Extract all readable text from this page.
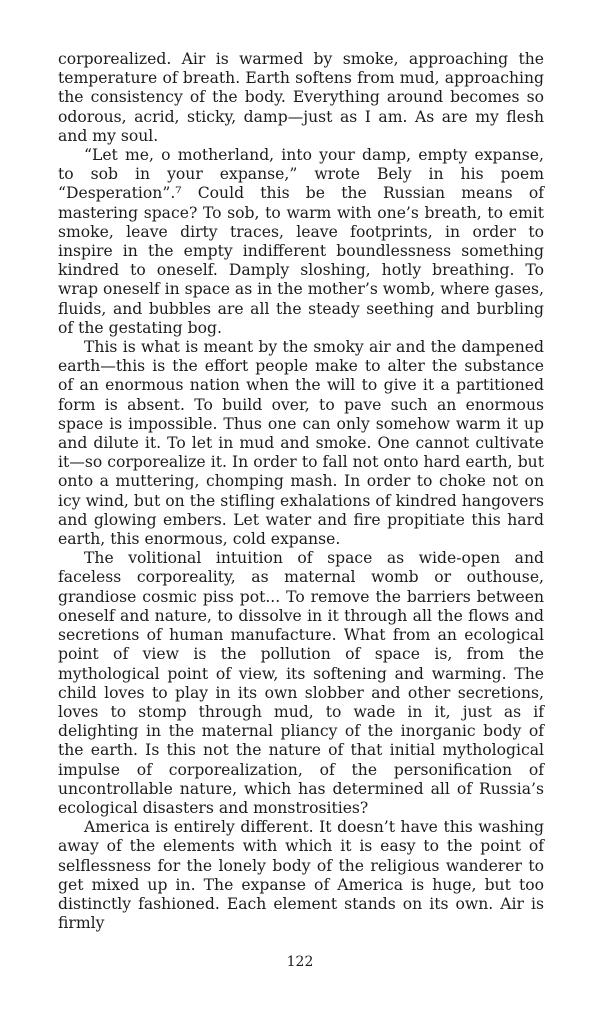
corporealized. Air is warmed by smoke, approaching the temperature of breath. Earth softens from mud, approaching the consistency of the body. Everything around becomes so odorous, acrid, sticky, damp—just as I am. As are my flesh and my soul.

“Let me, o motherland, into your damp, empty expanse, to sob in your expanse,” wrote Bely in his poem “Desperation”.⁷ Could this be the Russian means of mastering space? To sob, to warm with one’s breath, to emit smoke, leave dirty traces, leave footprints, in order to inspire in the empty indifferent boundlessness something kindred to oneself. Damply sloshing, hotly breathing. To wrap oneself in space as in the mother’s womb, where gases, fluids, and bubbles are all the steady seething and burbling of the gestating bog.

This is what is meant by the smoky air and the dampened earth—this is the effort people make to alter the substance of an enormous nation when the will to give it a partitioned form is absent. To build over, to pave such an enormous space is impossible. Thus one can only somehow warm it up and dilute it. To let in mud and smoke. One cannot cultivate it—so corporealize it. In order to fall not onto hard earth, but onto a muttering, chomping mash. In order to choke not on icy wind, but on the stifling exhalations of kindred hangovers and glowing embers. Let water and fire propitiate this hard earth, this enormous, cold expanse.

The volitional intuition of space as wide-open and faceless corporeality, as maternal womb or outhouse, grandiose cosmic piss pot... To remove the barriers between oneself and nature, to dissolve in it through all the flows and secretions of human manufacture. What from an ecological point of view is the pollution of space is, from the mythological point of view, its softening and warming. The child loves to play in its own slobber and other secretions, loves to stomp through mud, to wade in it, just as if delighting in the maternal pliancy of the inorganic body of the earth. Is this not the nature of that initial mythological impulse of corporealization, of the personification of uncontrollable nature, which has determined all of Russia’s ecological disasters and monstrosities?

America is entirely different. It doesn’t have this washing away of the elements with which it is easy to the point of selflessness for the lonely body of the religious wanderer to get mixed up in. The expanse of America is huge, but too distinctly fashioned. Each element stands on its own. Air is firmly

122
